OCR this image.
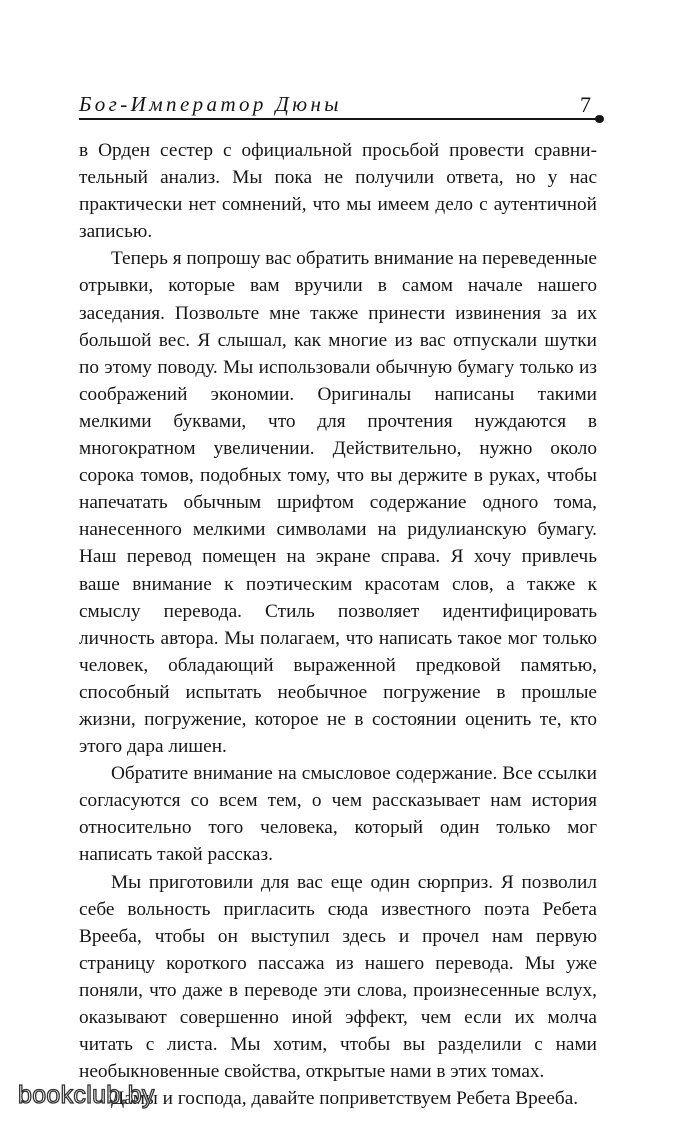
Бог-Император Дюны	7

в Орден сестер с официальной просьбой провести сравнительный анализ. Мы пока не получили ответа, но у нас практически нет сомнений, что мы имеем дело с аутентичной записью.

Теперь я попрошу вас обратить внимание на переведенные отрывки, которые вам вручили в самом начале нашего заседания. Позвольте мне также принести извинения за их большой вес. Я слышал, как многие из вас отпускали шутки по этому поводу. Мы использовали обычную бумагу только из соображений экономии. Оригиналы написаны такими мелкими буквами, что для прочтения нуждаются в многократном увеличении. Действительно, нужно около сорока томов, подобных тому, что вы держите в руках, чтобы напечатать обычным шрифтом содержание одного тома, нанесенного мелкими символами на ридулианскую бумагу. Наш перевод помещен на экране справа. Я хочу привлечь ваше внимание к поэтическим красотам слов, а также к смыслу перевода. Стиль позволяет идентифицировать личность автора. Мы полагаем, что написать такое мог только человек, обладающий выраженной предковой памятью, способный испытать необычное погружение в прошлые жизни, погружение, которое не в состоянии оценить те, кто этого дара лишен.

Обратите внимание на смысловое содержание. Все ссылки согласуются со всем тем, о чем рассказывает нам история относительно того человека, который один только мог написать такой рассказ.

Мы приготовили для вас еще один сюрприз. Я позволил себе вольность пригласить сюда известного поэта Ребета Вреебa, чтобы он выступил здесь и прочел нам первую страницу короткого пассажа из нашего перевода. Мы уже поняли, что даже в переводе эти слова, произнесенные вслух, оказывают совершенно иной эффект, чем если их молча читать с листа. Мы хотим, чтобы вы разделили с нами необыкновенные свойства, открытые нами в этих томах.

Дамы и господа, давайте поприветствуем Ребета Вреебa.

bookclub.by
